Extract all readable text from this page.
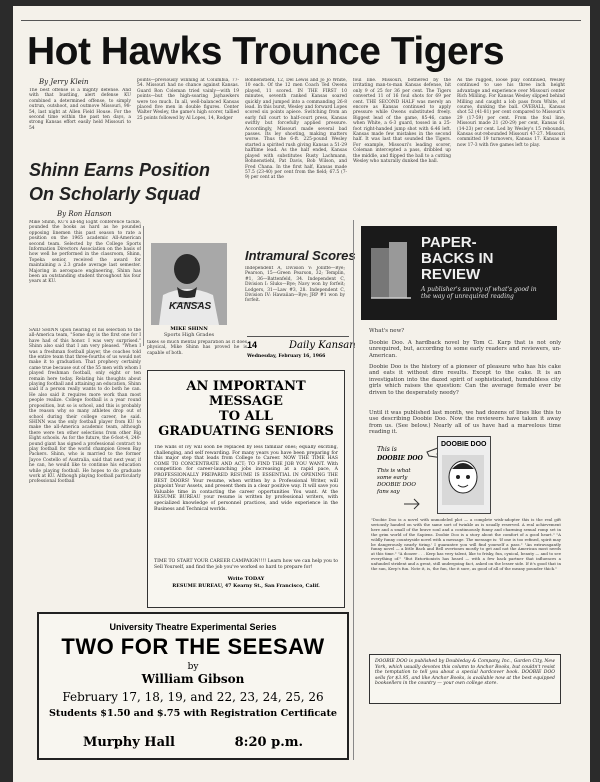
Hot Hawks Trounce Tigers
By Jerry Klein
The best offense is a mighty defense. And with that bustling, alert defense KU combined a determined offense, to simply outrun, outshoot, and outmove Missouri, 98-54, last night at Allen Field House. For the second time within the past ten days, a strong Kansas effort easily held Missouri to 54
points—previously winning at Columbia, 77-54. Missouri had no chance against Kansas. Guard Ron Coleman tried vainly—with 19 points—but the high-soaring Jayhawkers were too much. In all, well-balanced Kansas placed five men in double figures. Center Walter Wesley, the game's high scorer, tallied 25 points followed by Al Lopes, 14, Rodger
Bohnenstiehl, 12, Del Lewis and Jo Jo White, 10 each. Of the 12 men Coach Ted Owens played, 11 scored. IN THE FIRST 10 minutes, seventh ranked Kansas soared quickly and jumped into a commanding 26-8 lead. In this burst, Wesley and forward Lopes scored six points apiece. Switching from an early full court to half-court press, Kansas swiftly but forcefully applied pressure. Accordingly, Missouri made several bad passes. Its ley shooting, making matters worse. Thus the 6-ft. 225-pound Wesley started a spirited rush giving Kansas a 51-29 halftime lead. As the half ended, Kansas played with substitutes Rusty Lachmann, Bohnenstiehl, Pat Davis, Bob Wilson, and Fred Chana. In the first half, Kansas made 57.5 (23-40) per cent from the field; 67.5 (7-9) per cent at the
foul line. Missouri, bothered by the irritating man-to-man Kansas defense, hit only 9 of 25 for 36 per cent. The Tigers converted 11 of 16 foul shots for 69 per cent. THE SECOND HALF was merely an encore as Kansas continued to apply pressure while Owens substituted freely. Biggest lead of the game, 85-46, came when White, a 6-3 guard, tossed in a 25-foot right-handed jump shot with 6:46 left. Kansas made few mistakes in the second half. It was last that sounded the Tigers. For example, Missouri's leading scorer, Coleman intercepted a pass, dribbled up the middle, and flipped the ball to a cutting Wesley who naturally dunked the ball.
As the rugged, loose play continued, Wesley continued to use his three inch height advantage and experience over Missouri center Rich Mililing. For Kansas Wesley slipped behind Milling and caught a lob pass from White, of course, dunking the ball. OVERALL, Kansas shot 52 (41-81) per cent compared to Missouri's 29 (17-59) per cent. From the foul line, Missouri made 21 (20-29) per cent, Kansas 61 (14-23) per cent. Led by Wesley's 15 rebounds, Kansas out-rebounded Missouri 47-27. Missouri committed 19 turnovers, Kansas 17. Kansas is now 17-3 with five games left to play.
Shinn Earns Position
On Scholarly Squad
By Ron Hanson
Mike Shinn, KU's all-Big Eight conference tackle, pounded the books as hard as he pounded opposing linemen this past season to rate a position on the 1965 academic All-American second team. Selected by the College Sports Information Directors Association on the basis of how well he performed in the classroom, Shinn, Topeka senior, received the award for maintaining a 2.3 grade average last semester. Majoring in aerospace engineering, Shinn has been an outstanding student throughout his four years at KU.
SAID SHINN upon hearing of his selection to the all-America team, "Some day is the first one for I have had of this honor. I was very surprised." Shinn also said that I am very pleased. "When I was a freshman football player, the coaches told the entire team that three-fourths of us would not make it to graduation. That prophecy certainly came true because out of the 55 men with whom I played freshman football, only eight or ten remain here today. Relating his thoughts about playing football and attaining an education, Shinn said if a person really wants to do both he can. He also said it requires more work than most people realize. College football is a year round proposition, but so is school, and this is probably the reason why so many athletes drop out of school during their college career, he said. SHINN was the only football player from KU to make the all-America academic team, although there were ten other selections from other Big Eight schools. As for the future, the 6-foot-4, 240-pound giant has signed a professional contract to play football for the world champion Green Bay Packers. Shinn, who is married to the former Jayce Costello of Australia, said that next year, if he can, he would like to continue his education while playing football. He hopes to do graduate work at KU. Although playing football particularly professional football
KANSAS
MIKE SHINN
Sports High Grades
takes so much mental preparation as it does physical, Mike Shinn has proved he is capable of both.
Intramural Scores
Independent A, Division V: Jolliffe—Bye; Pearson, 15—Green Pearson, 32; Templin, #1, 36—Battenfeld, 34. Independent C, Division I: Sluks—Bye; Navy won by forfeit; Lodgers, 31—Law #3, 28. Independent C, Division IV: Hawaiian—Bye; JRP #1 won by forfeit.
14	Daily Kansan
Wednesday, February 16, 1966
AN IMPORTANT MESSAGE
TO ALL
GRADUATING SENIORS
The walls of ivy will soon be replaced by less familiar ones; equally exciting, challenging, and self rewarding. For many years you have been preparing for this major step that leads from College to Career. NOW THE TIME HAS COME TO CONCENTRATE AND ACT; TO FIND THE JOB YOU WANT. With competition for career-launching jobs increasing at a rapid pace, A PROFESSIONALLY PREPARED RESUME IS ESSENTIAL IN OPENING THE BEST DOORS! Your resume, when written by a Professional Writer, will pinpoint Your Assets, and present them in a clear positive way. It will save you Valuable time in contacting the career opportunities You want. At the RESUME BUREAU your resume is written by professional writers, with specialized knowledge of personnel practices, and wide experience in the Business and Technical worlds.
TIME TO START YOUR CAREER CAMPAIGN!!!! Learn how we can help you to Sell Yourself, and find the job you've worked so hard to prepare for!
Write TODAY
RESUME BUREAU, 47 Kearny St., San Francisco, Calif.
PAPER-
BACKS IN
REVIEW
A publisher's survey of what's good in the way of unrequired reading
What's new?
Doobie Doo. A hardback novel by Tom C. Karp that is not only unrequired, but, according to some early readers and reviewers, un-American.
Doobie Doo is the history of a pioneer of pleasure who has his cake and eats it without dire results. Except to the cake. It is an investigation into the dazed spirit of sophisticated, humdubless city girls which raises the question: Can the average female ever be driven to the desperately needy?
Until it was published last month, we had dozens of lines like this to use describing Doobie Doo. Now the reviewers have taken it away from us. (See below.) Nearly all of us have had a marvelous time reading it.
This is
DOOBIE DOO
This is what some early DOOBIE DOO fans say
DOOBIE DOO
"Doobie Doo is a novel with unmodeled plot — a complete wish-adopter this is the real gift seriously handed on with the same sort of twinkle as is usually reserved. A real achievement here and a small of the brave soul and a continuously funny and charming sexual romp set in the grim world of the Sapiens. Doobie Doo is a story about the comfort of a good heart." "A wildly funny countryside novel with a message. The message is: 'If one is too refined, spirit may be dangerously nearly tiring.' I guarantee you will find yourself a pass." "An extravagantly funny novel — a little Bach and Bell overtones mostly to get and not the American most needs at this time." "A doozer . . . Kerp has very talent, like to frisky, fun, cynical, beauty — and to see everything of." "But Extortionists has heard — with a few back partner that influences a unfunded strident and a great, still undergoing fact, asked on the lesser side. If it's good that in the sun, Kerp's fun. Note it, is, the fun, the it sure, as good of all of the meany pounder thick."
DOOBIE DOO is published by Doubleday & Company, Inc., Garden City, New York, which usually devotes this column to Anchor Books, but couldn't resist the temptation to tell you about a special hardcover book. DOOBIE DOO sells for $3.95, and like Anchor Books, is available now at the best equipped booksellers in the country — your own college store.
University Theatre Experimental Series
TWO FOR THE SEESAW
by
William Gibson
February 17, 18, 19, and 22, 23, 24, 25, 26
Students $1.50 and $.75 with Registration Certificate
Murphy Hall	8:20 p.m.
